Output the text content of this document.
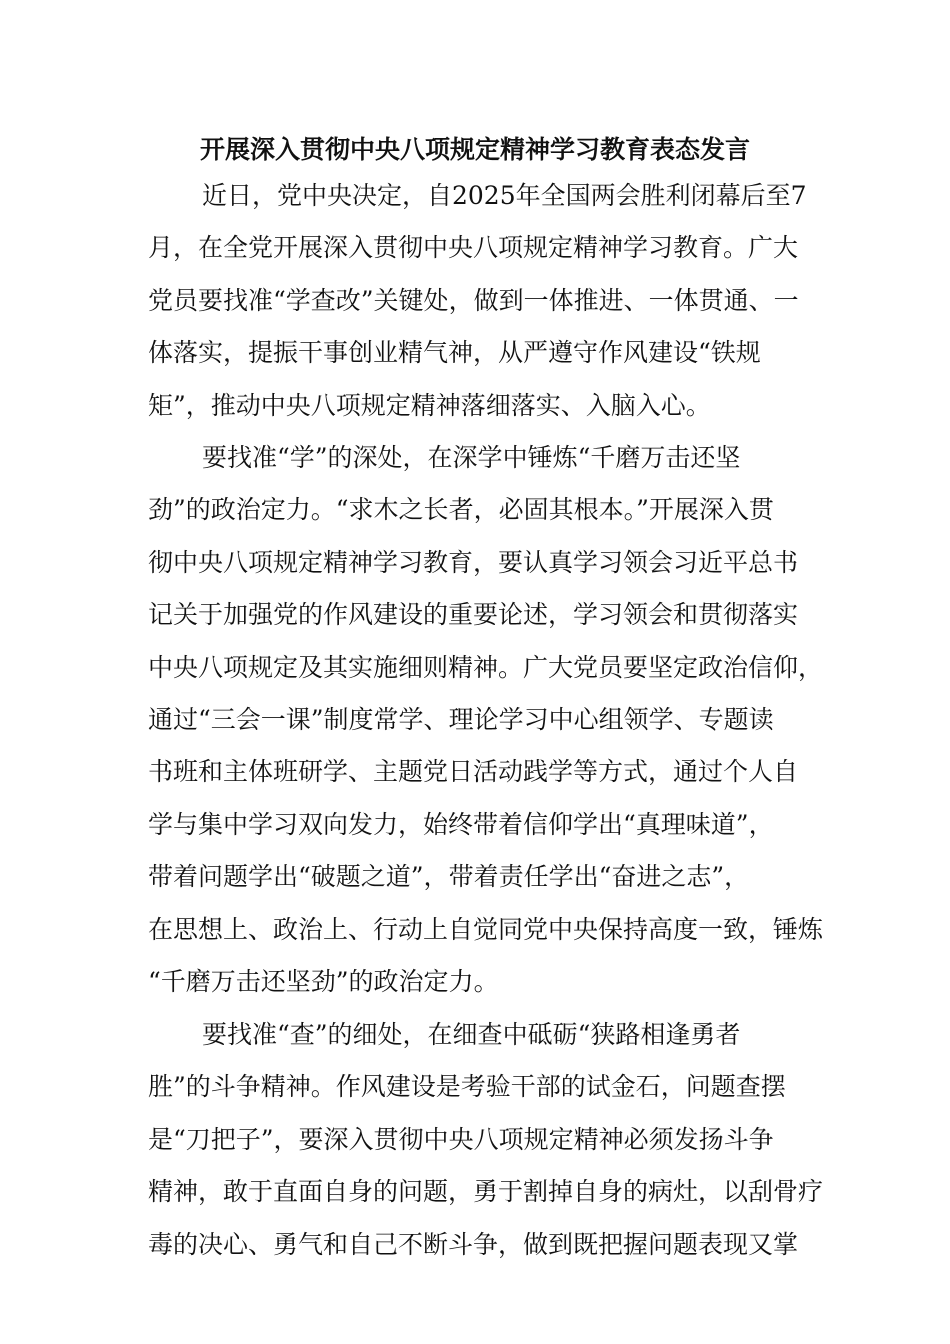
开展深入贯彻中央八项规定精神学习教育表态发言
近日，党中央决定，自2025年全国两会胜利闭幕后至7
月，在全党开展深入贯彻中央八项规定精神学习教育。广大
党员要找准“学查改”关键处，做到一体推进、一体贯通、一
体落实，提振干事创业精气神，从严遵守作风建设“铁规
矩”，推动中央八项规定精神落细落实、入脑入心。
要找准“学”的深处，在深学中锤炼“千磨万击还坚
劲”的政治定力。“求木之长者，必固其根本。”开展深入贯
彻中央八项规定精神学习教育，要认真学习领会习近平总书
记关于加强党的作风建设的重要论述，学习领会和贯彻落实
中央八项规定及其实施细则精神。广大党员要坚定政治信仰，
通过“三会一课”制度常学、理论学习中心组领学、专题读
书班和主体班研学、主题党日活动践学等方式，通过个人自
学与集中学习双向发力，始终带着信仰学出“真理味道”，
带着问题学出“破题之道”，带着责任学出“奋进之志”，
在思想上、政治上、行动上自觉同党中央保持高度一致，锤炼
“千磨万击还坚劲”的政治定力。
要找准“查”的细处，在细查中砥砺“狭路相逢勇者
胜”的斗争精神。作风建设是考验干部的试金石，问题查摆
是“刀把子”，要深入贯彻中央八项规定精神必须发扬斗争
精神，敢于直面自身的问题，勇于割掉自身的病灶，以刮骨疗
毒的决心、勇气和自己不断斗争，做到既把握问题表现又掌
